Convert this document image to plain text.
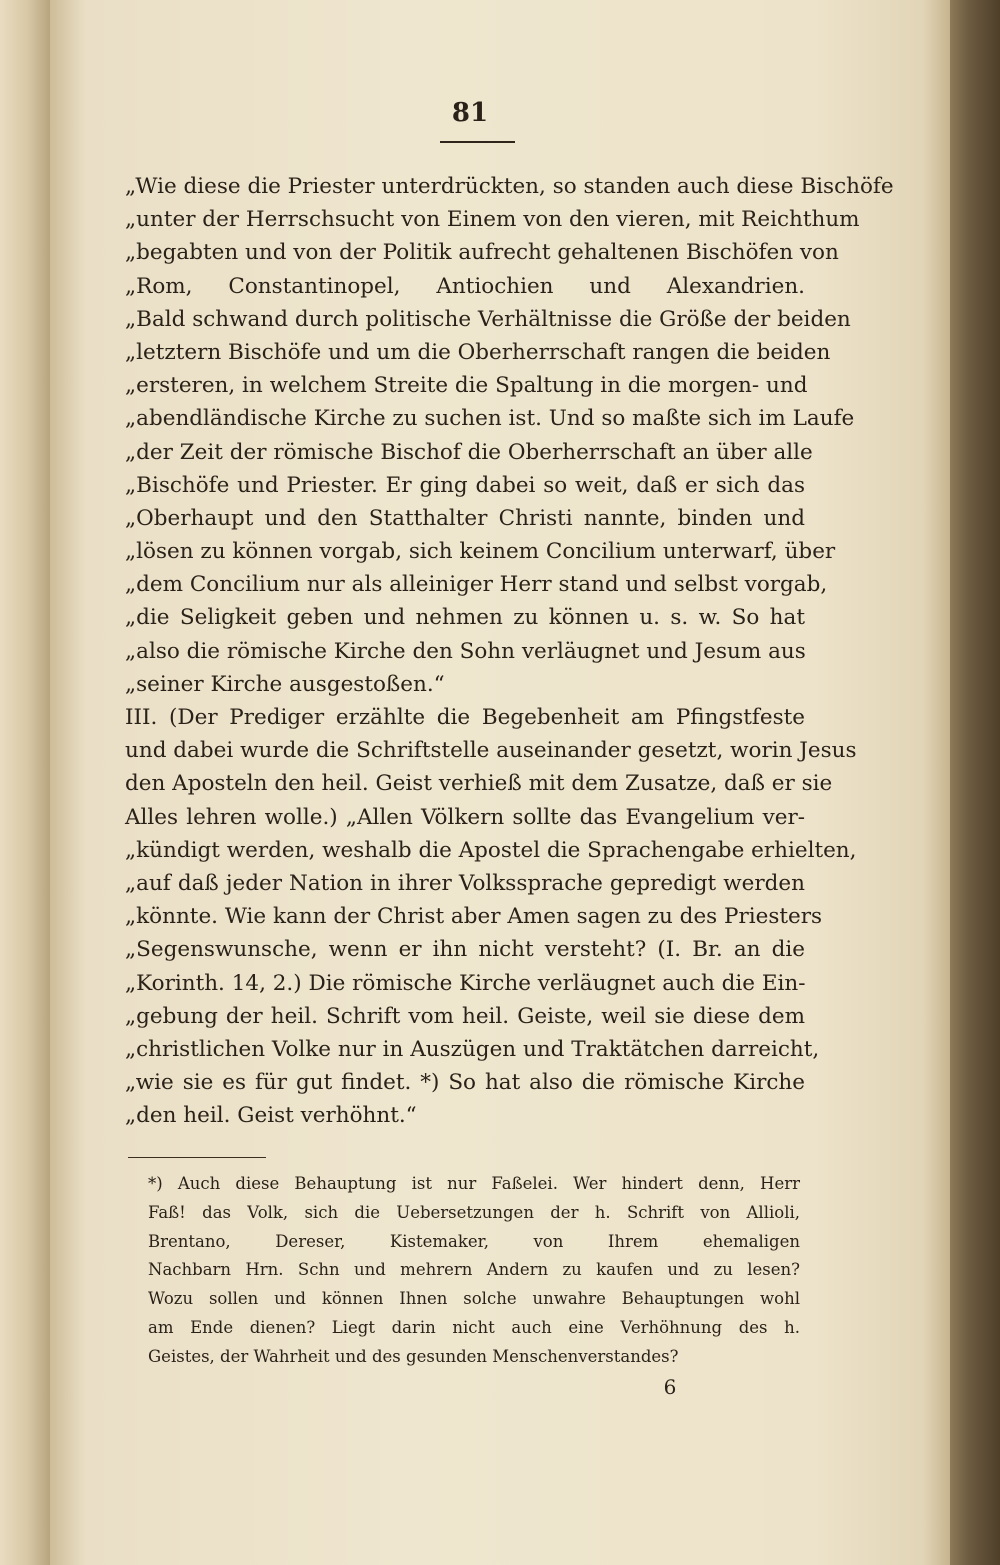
81
„Wie diese die Priester unterdrückten, so standen auch diese Bischöfe
„unter der Herrschsucht von Einem von den vieren, mit Reichthum
„begabten und von der Politik aufrecht gehaltenen Bischöfen von
„Rom, Constantinopel, Antiochien und Alexandrien.
„Bald schwand durch politische Verhältnisse die Größe der beiden
„letztern Bischöfe und um die Oberherrschaft rangen die beiden
„ersteren, in welchem Streite die Spaltung in die morgen- und
„abendländische Kirche zu suchen ist. Und so maßte sich im Laufe
„der Zeit der römische Bischof die Oberherrschaft an über alle
„Bischöfe und Priester. Er ging dabei so weit, daß er sich das
„Oberhaupt und den Statthalter Christi nannte, binden und
„lösen zu können vorgab, sich keinem Concilium unterwarf, über
„dem Concilium nur als alleiniger Herr stand und selbst vorgab,
„die Seligkeit geben und nehmen zu können u. s. w. So hat
„also die römische Kirche den Sohn verläugnet und Jesum aus
„seiner Kirche ausgestoßen.“
III. (Der Prediger erzählte die Begebenheit am Pfingstfeste
und dabei wurde die Schriftstelle auseinander gesetzt, worin Jesus
den Aposteln den heil. Geist verhieß mit dem Zusatze, daß er sie
Alles lehren wolle.) „Allen Völkern sollte das Evangelium ver-
„kündigt werden, weshalb die Apostel die Sprachengabe erhielten,
„auf daß jeder Nation in ihrer Volkssprache gepredigt werden
„könnte. Wie kann der Christ aber Amen sagen zu des Priesters
„Segenswunsche, wenn er ihn nicht versteht? (I. Br. an die
„Korinth. 14, 2.) Die römische Kirche verläugnet auch die Ein-
„gebung der heil. Schrift vom heil. Geiste, weil sie diese dem
„christlichen Volke nur in Auszügen und Traktätchen darreicht,
„wie sie es für gut findet. *) So hat also die römische Kirche
„den heil. Geist verhöhnt.“
*) Auch diese Behauptung ist nur Faßelei. Wer hindert denn, Herr
Faß! das Volk, sich die Uebersetzungen der h. Schrift von Allioli,
Brentano, Dereser, Kistemaker, von Ihrem ehemaligen
Nachbarn Hrn. Schn und mehrern Andern zu kaufen und zu lesen?
Wozu sollen und können Ihnen solche unwahre Behauptungen wohl
am Ende dienen? Liegt darin nicht auch eine Verhöhnung des h.
Geistes, der Wahrheit und des gesunden Menschenverstandes?
6
